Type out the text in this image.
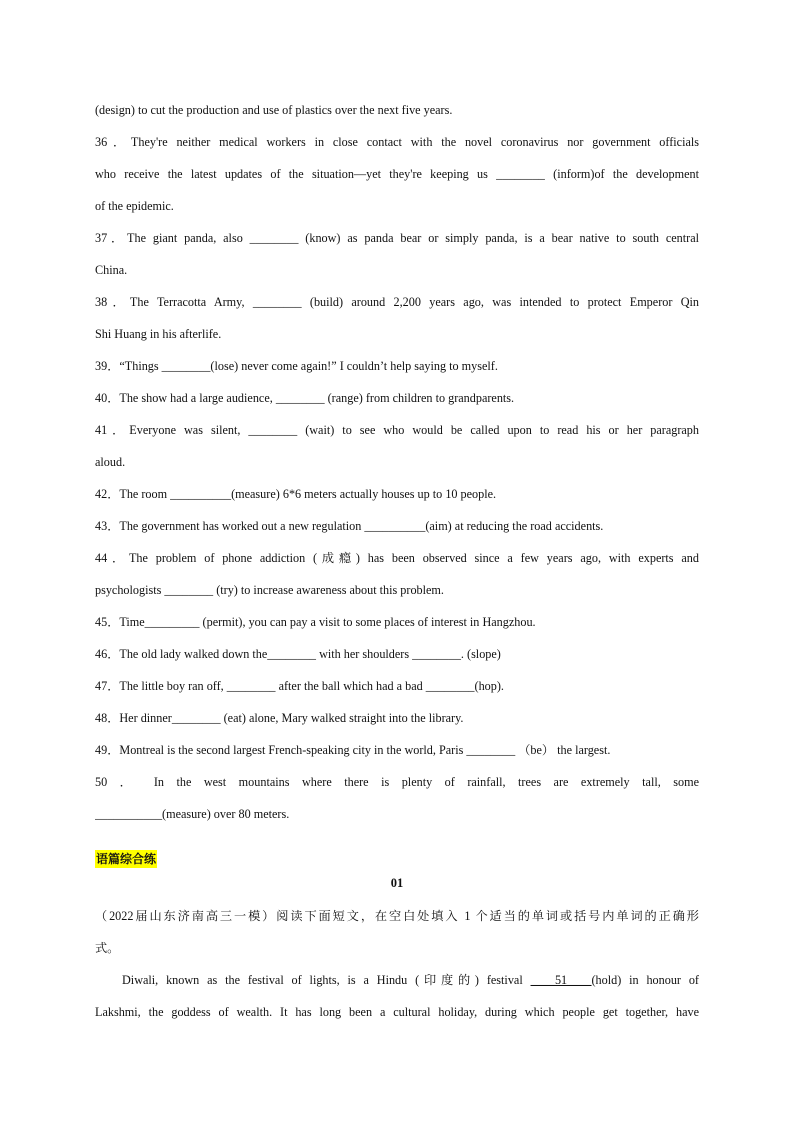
(design) to cut the production and use of plastics over the next five years.
36．They're neither medical workers in close contact with the novel coronavirus nor government officials
who receive the latest updates of the situation—yet they're keeping us ________ (inform)of the development
of the epidemic.
37．The giant panda, also ________ (know) as panda bear or simply panda, is a bear native to south central
China.
38．The Terracotta Army, ________ (build) around 2,200 years ago, was intended to protect Emperor Qin
Shi Huang in his afterlife.
39．“Things ________(lose) never come again!” I couldn’t help saying to myself.
40．The show had a large audience, ________ (range) from children to grandparents.
41．Everyone was silent, ________ (wait) to see who would be called upon to read his or her paragraph
aloud.
42．The room __________(measure) 6*6 meters actually houses up to 10 people.
43．The government has worked out a new regulation __________(aim) at reducing the road accidents.
44．The problem of phone addiction (成瘾) has been observed since a few years ago, with experts and
psychologists ________ (try) to increase awareness about this problem.
45．Time_________ (permit), you can pay a visit to some places of interest in Hangzhou.
46．The old lady walked down the________ with her shoulders ________. (slope)
47．The little boy ran off, ________ after the ball which had a bad ________(hop).
48．Her dinner________ (eat) alone, Mary walked straight into the library.
49．Montreal is the second largest French-speaking city in the world, Paris ________ （be） the largest.
50 ． In the west mountains where there is plenty of rainfall, trees are extremely tall, some
___________(measure) over 80 meters.
语篇综合练
01
（2022届山东济南高三一模）阅读下面短文，在空白处填入 1 个适当的单词或括号内单词的正确形
式。
Diwali, known as the festival of lights, is a Hindu (印度的) festival ____51____(hold) in honour of
Lakshmi, the goddess of wealth. It has long been a cultural holiday, during which people get together, have
